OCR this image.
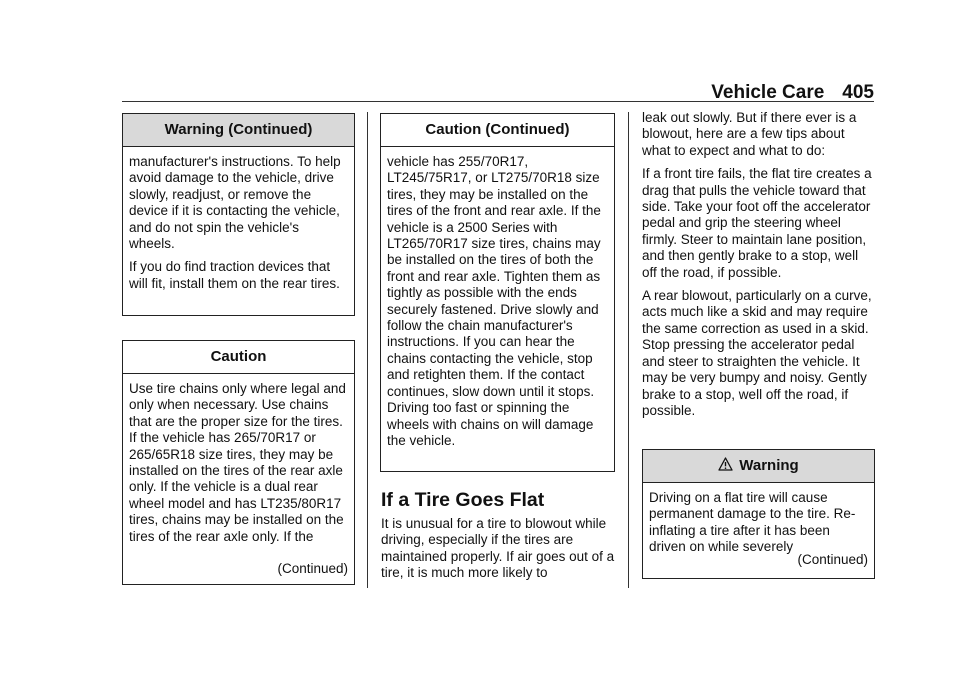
Vehicle Care 405
Warning (Continued)

manufacturer's instructions. To help avoid damage to the vehicle, drive slowly, readjust, or remove the device if it is contacting the vehicle, and do not spin the vehicle's wheels.

If you do find traction devices that will fit, install them on the rear tires.

Caution

Use tire chains only where legal and only when necessary. Use chains that are the proper size for the tires. If the vehicle has 265/70R17 or 265/65R18 size tires, they may be installed on the tires of the rear axle only. If the vehicle is a dual rear wheel model and has LT235/80R17 tires, chains may be installed on the tires of the rear axle only. If the

(Continued)
Caution (Continued)

vehicle has 255/70R17, LT245/75R17, or LT275/70R18 size tires, they may be installed on the tires of the front and rear axle. If the vehicle is a 2500 Series with LT265/70R17 size tires, chains may be installed on the tires of both the front and rear axle. Tighten them as tightly as possible with the ends securely fastened. Drive slowly and follow the chain manufacturer's instructions. If you can hear the chains contacting the vehicle, stop and retighten them. If the contact continues, slow down until it stops. Driving too fast or spinning the wheels with chains on will damage the vehicle.

If a Tire Goes Flat

It is unusual for a tire to blowout while driving, especially if the tires are maintained properly. If air goes out of a tire, it is much more likely to

leak out slowly. But if there ever is a blowout, here are a few tips about what to expect and what to do:

If a front tire fails, the flat tire creates a drag that pulls the vehicle toward that side. Take your foot off the accelerator pedal and grip the steering wheel firmly. Steer to maintain lane position, and then gently brake to a stop, well off the road, if possible.

A rear blowout, particularly on a curve, acts much like a skid and may require the same correction as used in a skid. Stop pressing the accelerator pedal and steer to straighten the vehicle. It may be very bumpy and noisy. Gently brake to a stop, well off the road, if possible.

Warning

Driving on a flat tire will cause permanent damage to the tire. Re-inflating a tire after it has been driven on while severely

(Continued)
